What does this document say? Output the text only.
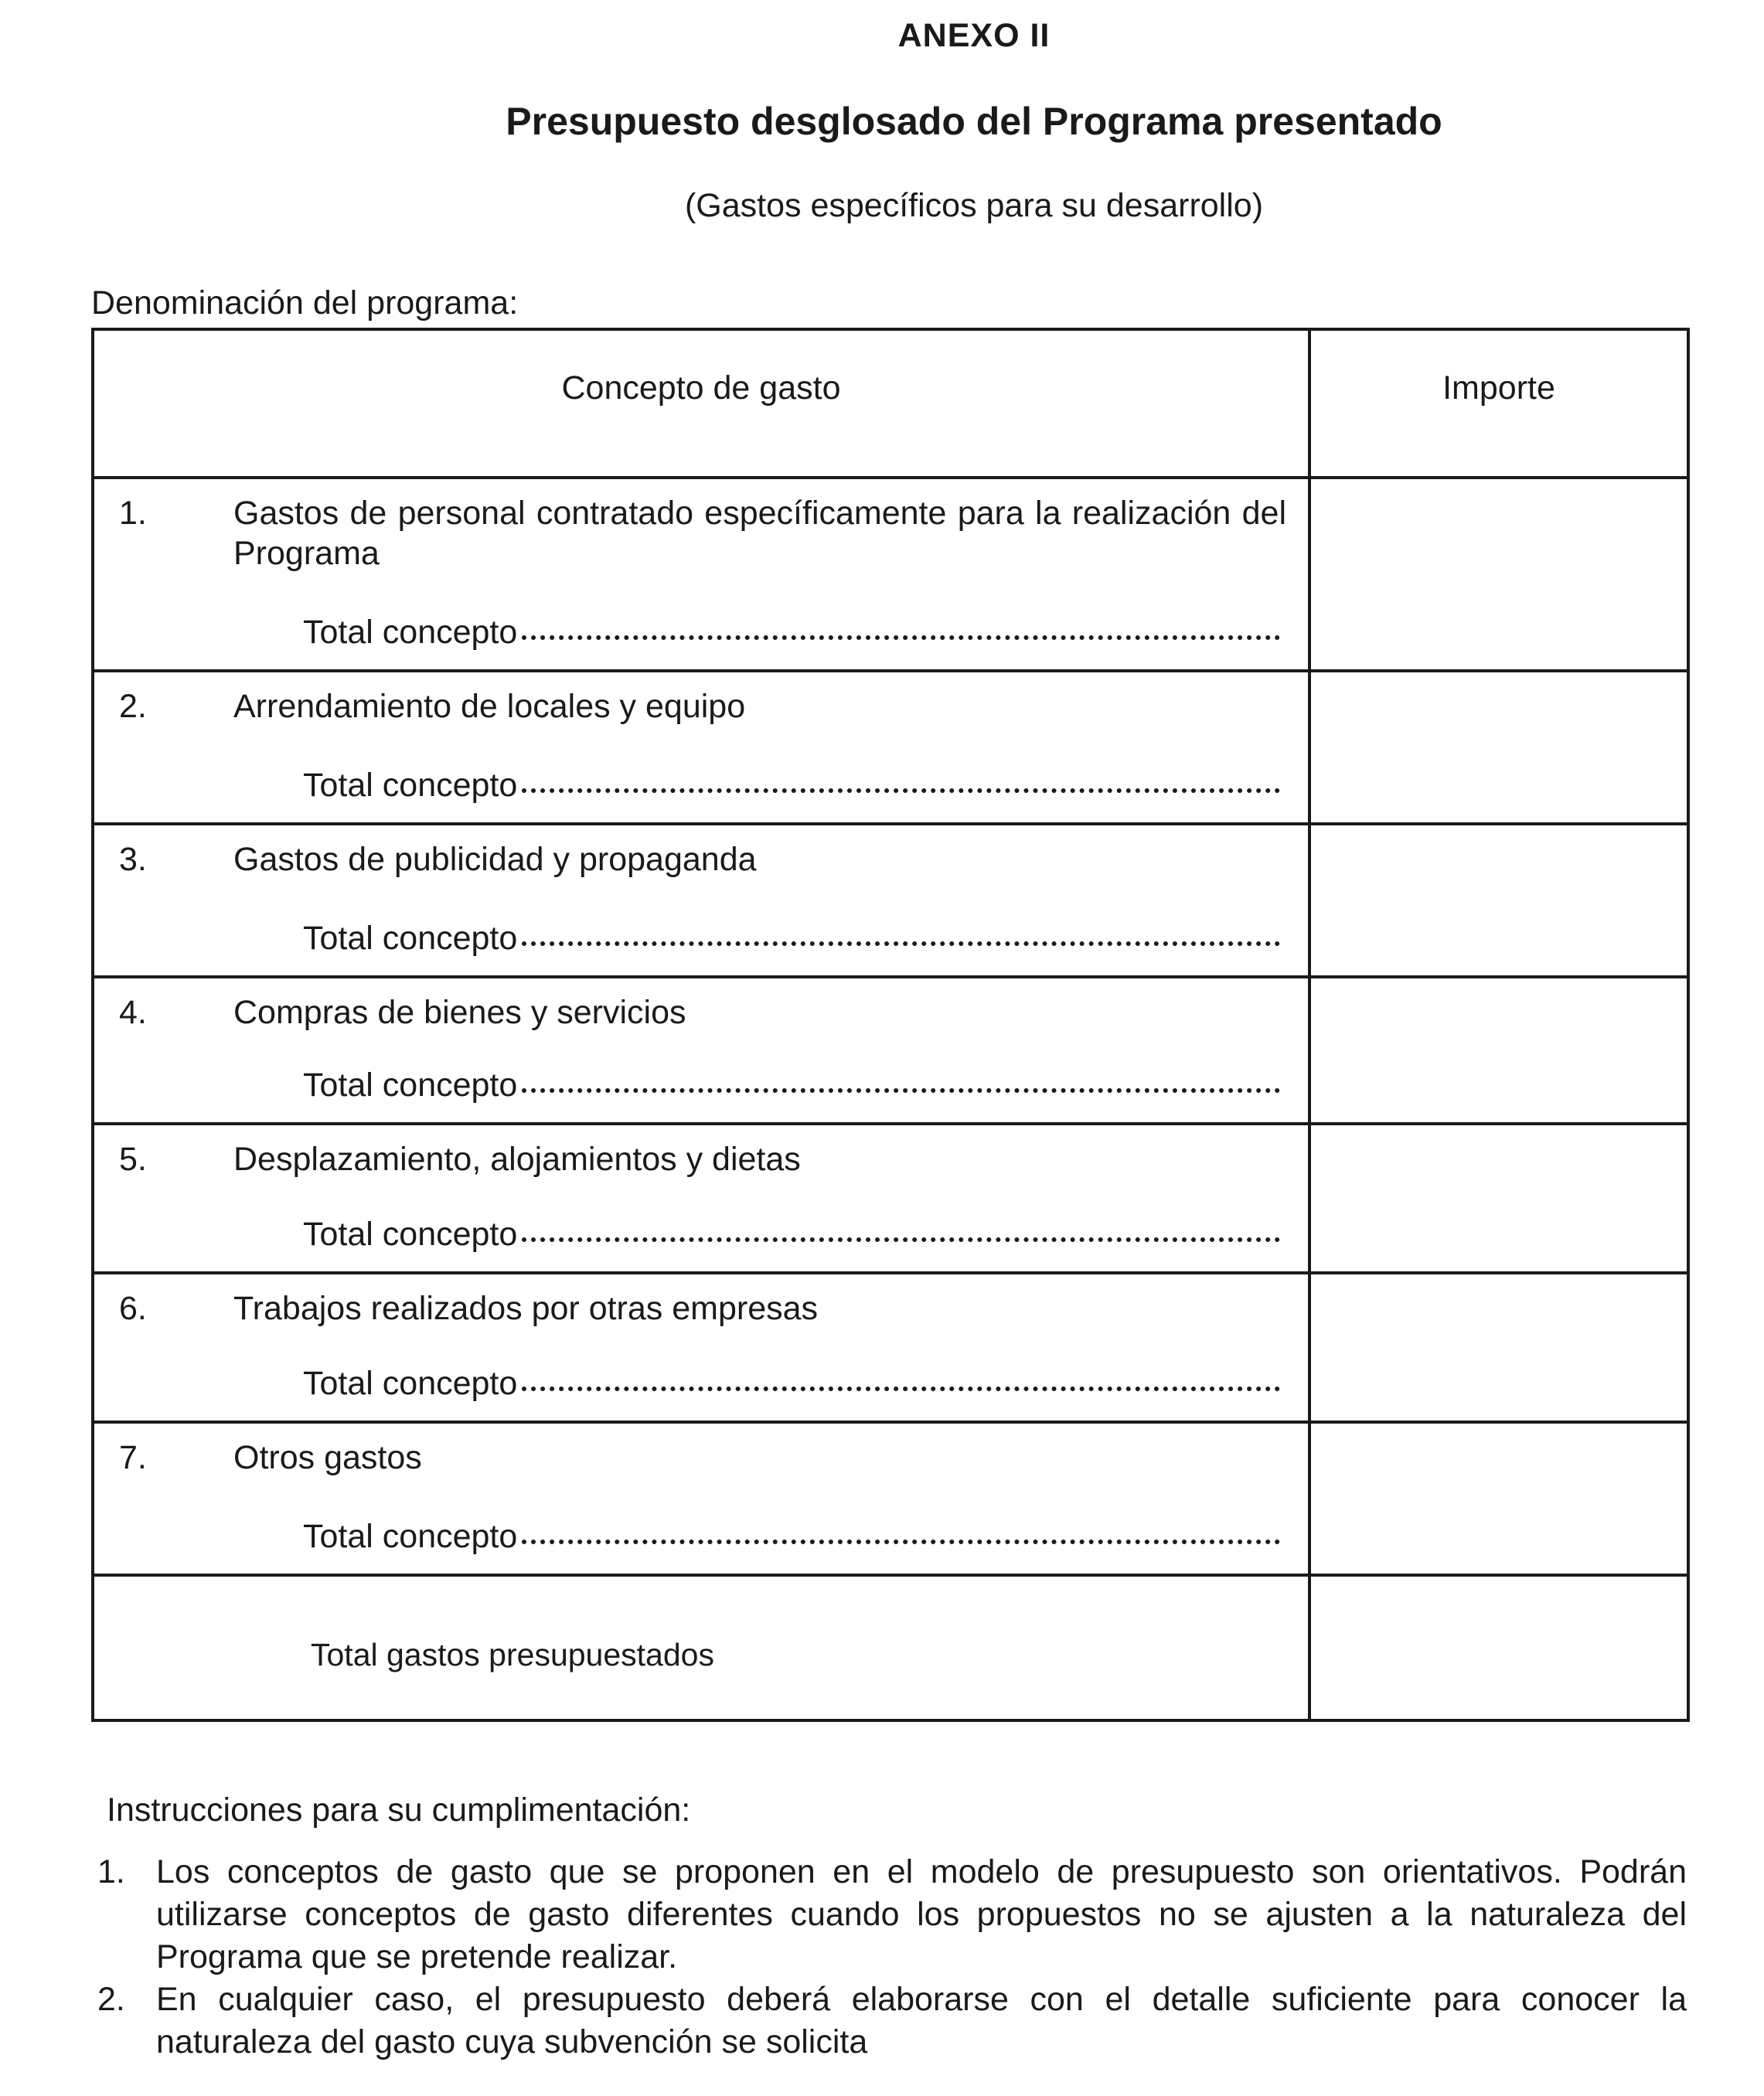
ANEXO II
Presupuesto desglosado del Programa presentado

(Gastos específicos para su desarrollo)

Denominación del programa:
Concepto de gasto	Importe

1. Gastos de personal contratado específicamente para la realización del Programa
Total concepto	

2. Arrendamiento de locales y equipo
Total concepto	

3. Gastos de publicidad y propaganda
Total concepto	

4. Compras de bienes y servicios
Total concepto	

5. Desplazamiento, alojamientos y dietas
Total concepto	

6. Trabajos realizados por otras empresas
Total concepto	

7. Otros gastos
Total concepto	

Total gastos presupuestados	
Instrucciones para su cumplimentación:
1. Los conceptos de gasto que se proponen en el modelo de presupuesto son orientativos. Podrán utilizarse conceptos de gasto diferentes cuando los propuestos no se ajusten a la naturaleza del Programa que se pretende realizar.
2. En cualquier caso, el presupuesto deberá elaborarse con el detalle suficiente para conocer la naturaleza del gasto cuya subvención se solicita
